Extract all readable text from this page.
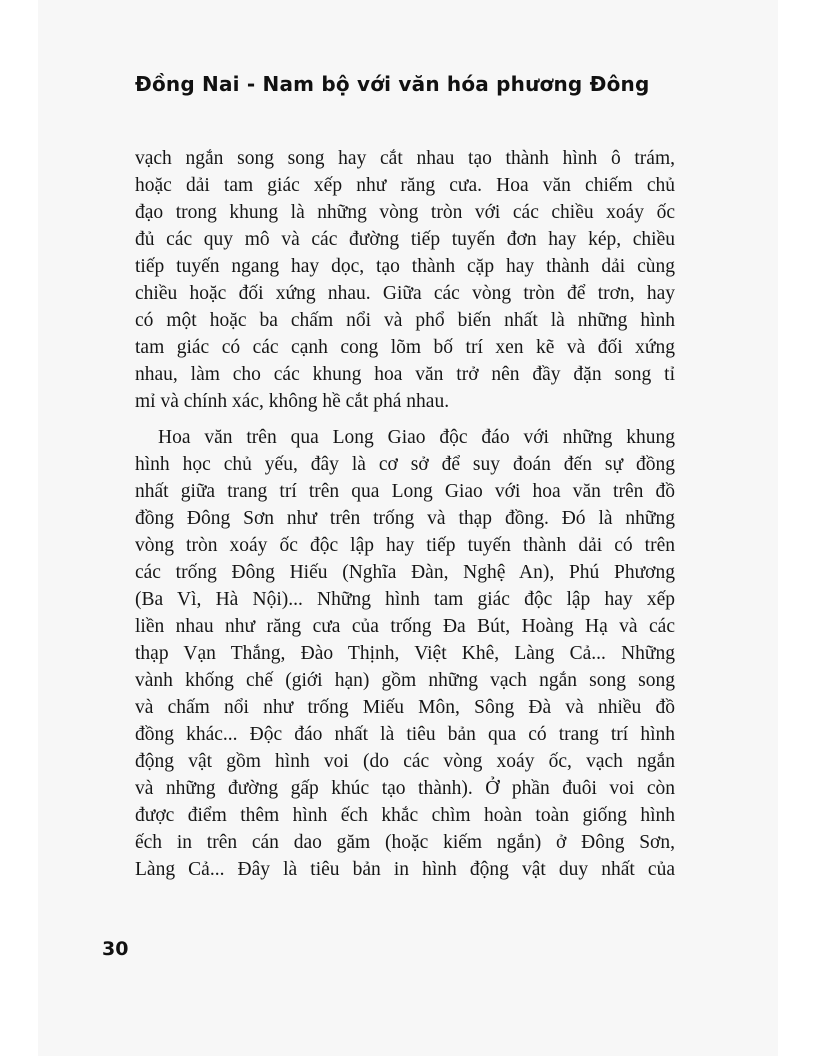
Đồng Nai - Nam bộ với văn hóa phương Đông
vạch ngắn song song hay cắt nhau tạo thành hình ô trám,
hoặc dải tam giác xếp như răng cưa. Hoa văn chiếm chủ
đạo trong khung là những vòng tròn với các chiều xoáy ốc
đủ các quy mô và các đường tiếp tuyến đơn hay kép, chiều
tiếp tuyến ngang hay dọc, tạo thành cặp hay thành dải cùng
chiều hoặc đối xứng nhau. Giữa các vòng tròn để trơn, hay
có một hoặc ba chấm nổi và phổ biến nhất là những hình
tam giác có các cạnh cong lõm bố trí xen kẽ và đối xứng
nhau, làm cho các khung hoa văn trở nên đầy đặn song tỉ
mỉ và chính xác, không hề cắt phá nhau.
Hoa văn trên qua Long Giao độc đáo với những khung
hình học chủ yếu, đây là cơ sở để suy đoán đến sự đồng
nhất giữa trang trí trên qua Long Giao với hoa văn trên đồ
đồng Đông Sơn như trên trống và thạp đồng. Đó là những
vòng tròn xoáy ốc độc lập hay tiếp tuyến thành dải có trên
các trống Đông Hiếu (Nghĩa Đàn, Nghệ An), Phú Phương
(Ba Vì, Hà Nội)... Những hình tam giác độc lập hay xếp
liền nhau như răng cưa của trống Đa Bút, Hoàng Hạ và các
thạp Vạn Thắng, Đào Thịnh, Việt Khê, Làng Cả... Những
vành khống chế (giới hạn) gồm những vạch ngắn song song
và chấm nổi như trống Miếu Môn, Sông Đà và nhiều đồ
đồng khác... Độc đáo nhất là tiêu bản qua có trang trí hình
động vật gồm hình voi (do các vòng xoáy ốc, vạch ngắn
và những đường gấp khúc tạo thành). Ở phần đuôi voi còn
được điểm thêm hình ếch khắc chìm hoàn toàn giống hình
ếch in trên cán dao găm (hoặc kiếm ngắn) ở Đông Sơn,
Làng Cả... Đây là tiêu bản in hình động vật duy nhất của
30
